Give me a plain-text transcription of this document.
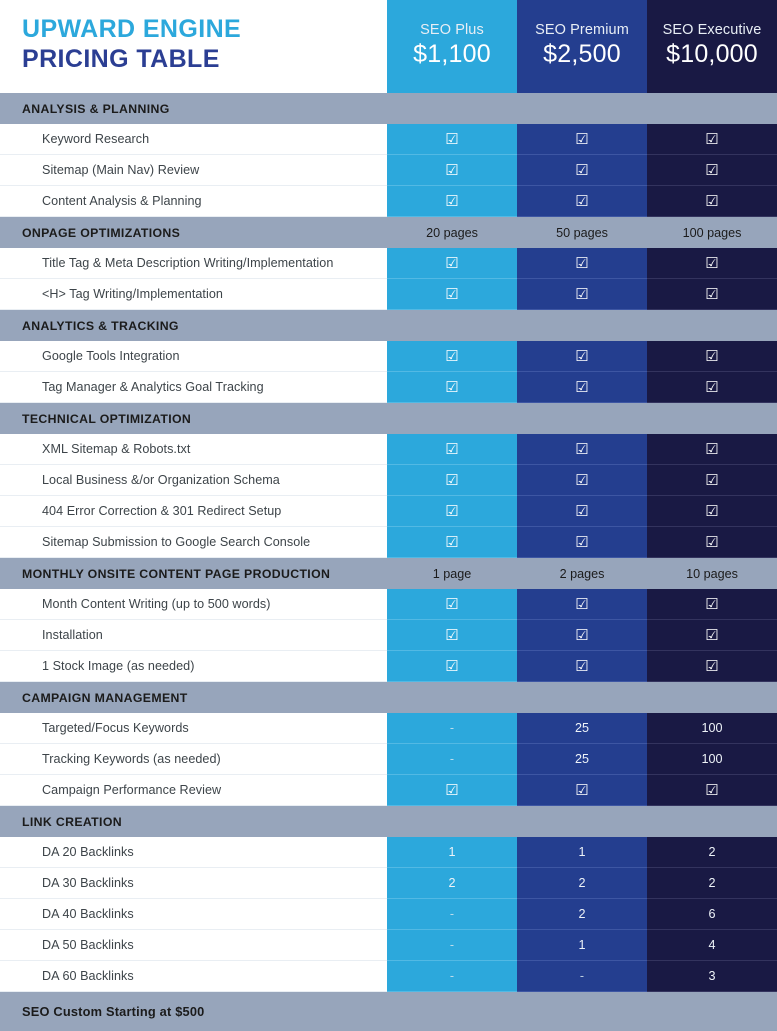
UPWARD ENGINE
PRICING TABLE
SEO Plus
$1,100
SEO Premium
$2,500
SEO Executive
$10,000
ANALYSIS & PLANNING
Keyword Research	☑	☑	☑
Sitemap (Main Nav) Review	☑	☑	☑
Content Analysis & Planning	☑	☑	☑
ONPAGE OPTIMIZATIONS	20 pages	50 pages	100 pages
Title Tag & Meta Description Writing/Implementation	☑	☑	☑
<H> Tag Writing/Implementation	☑	☑	☑
ANALYTICS & TRACKING
Google Tools Integration	☑	☑	☑
Tag Manager & Analytics Goal Tracking	☑	☑	☑
TECHNICAL OPTIMIZATION
XML Sitemap & Robots.txt	☑	☑	☑
Local Business &/or Organization Schema	☑	☑	☑
404 Error Correction & 301 Redirect Setup	☑	☑	☑
Sitemap Submission to Google Search Console	☑	☑	☑
MONTHLY ONSITE CONTENT PAGE PRODUCTION	1 page	2 pages	10 pages
Month Content Writing (up to 500 words)	☑	☑	☑
Installation	☑	☑	☑
1 Stock Image (as needed)	☑	☑	☑
CAMPAIGN MANAGEMENT
Targeted/Focus Keywords	-	25	100
Tracking Keywords (as needed)	-	25	100
Campaign Performance Review	☑	☑	☑
LINK CREATION
DA 20 Backlinks	1	1	2
DA 30 Backlinks	2	2	2
DA 40 Backlinks	-	2	6
DA 50 Backlinks	-	1	4
DA 60 Backlinks	-	-	3
SEO Custom Starting at $500
